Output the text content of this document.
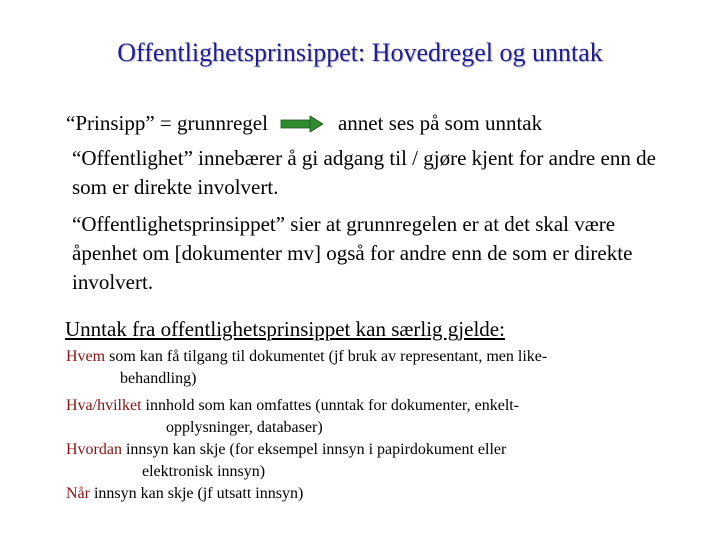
Offentlighetsprinsippet: Hovedregel og unntak
“Prinsipp” = grunnregel	annet ses på som unntak
“Offentlighet” innebærer å gi adgang til / gjøre kjent for andre enn de som er direkte involvert.
“Offentlighetsprinsippet” sier at grunnregelen er at det skal være åpenhet om [dokumenter mv] også for andre enn de som er direkte involvert.
Unntak fra offentlighetsprinsippet kan særlig gjelde:
Hvem som kan få tilgang til dokumentet (jf bruk av representant, men like-
behandling)
Hva/hvilket innhold som kan omfattes (unntak for dokumenter, enkelt-
opplysninger, databaser)
Hvordan innsyn kan skje (for eksempel innsyn i papirdokument eller
elektronisk innsyn)
Når innsyn kan skje (jf utsatt innsyn)
